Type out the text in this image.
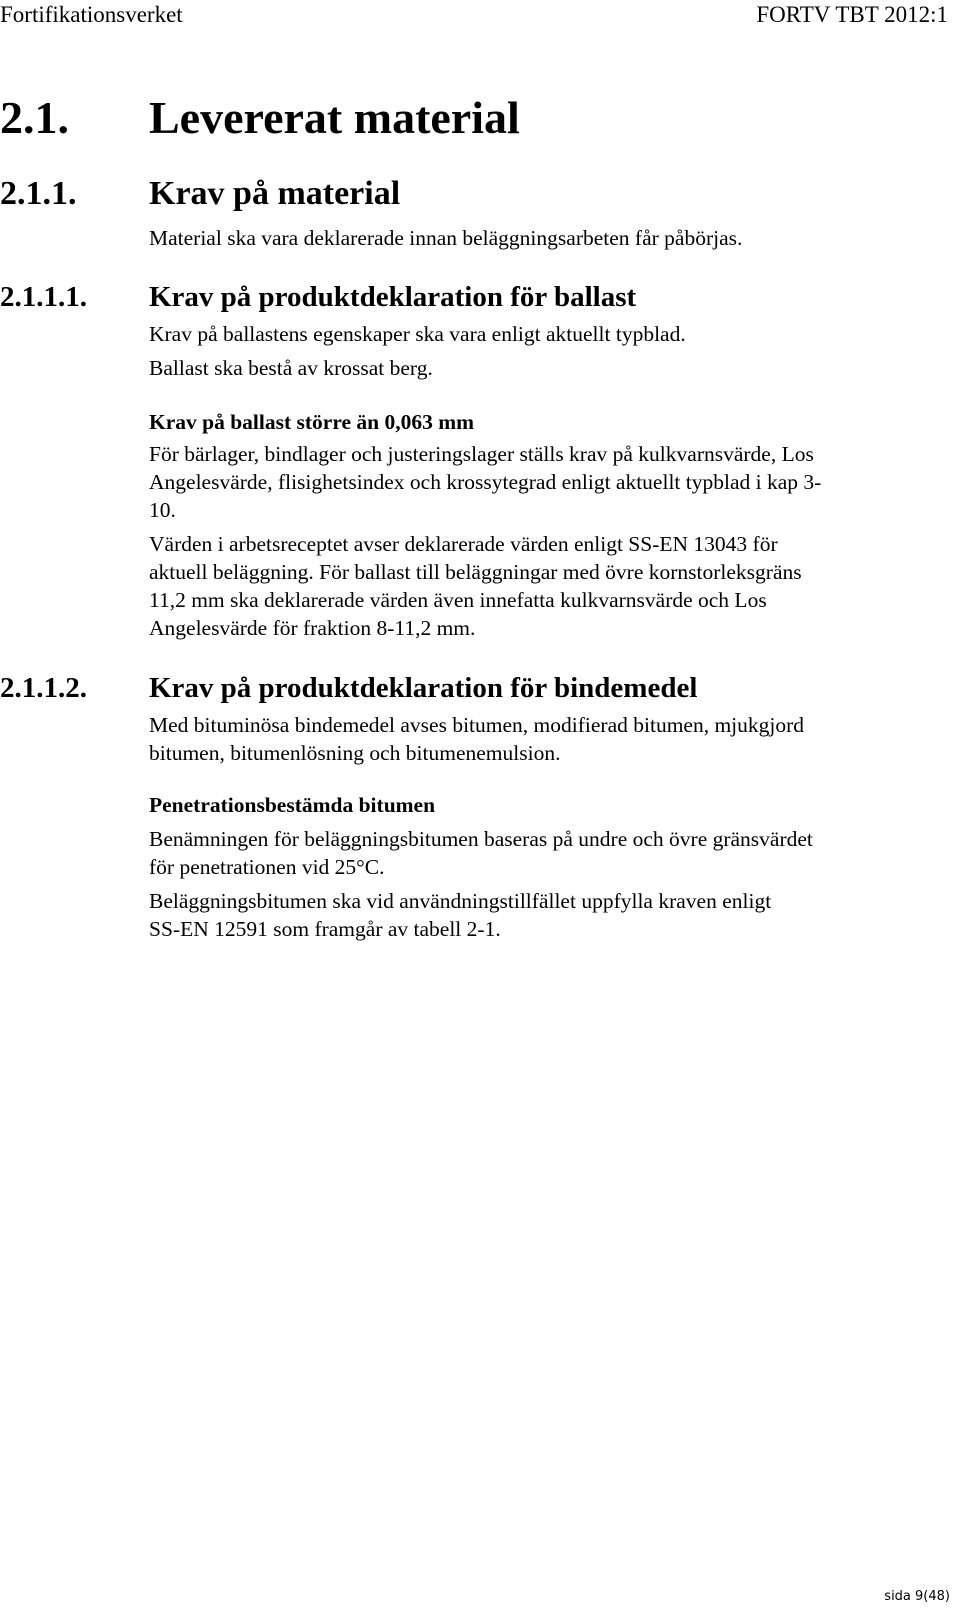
Fortifikationsverket	FORTV TBT 2012:1
2.1. Levererat material
2.1.1. Krav på material
Material ska vara deklarerade innan beläggningsarbeten får påbörjas.
2.1.1.1. Krav på produktdeklaration för ballast
Krav på ballastens egenskaper ska vara enligt aktuellt typblad.
Ballast ska bestå av krossat berg.
Krav på ballast större än 0,063 mm
För bärlager, bindlager och justeringslager ställs krav på kulkvarnsvärde, Los
Angelesvärde, flisighetsindex och krossytegrad enligt aktuellt typblad i kap 3-
10.
Värden i arbetsreceptet avser deklarerade värden enligt SS-EN 13043 för
aktuell beläggning. För ballast till beläggningar med övre kornstorleksgräns
11,2 mm ska deklarerade värden även innefatta kulkvarnsvärde och Los
Angelesvärde för fraktion 8-11,2 mm.
2.1.1.2. Krav på produktdeklaration för bindemedel
Med bituminösa bindemedel avses bitumen, modifierad bitumen, mjukgjord
bitumen, bitumenlösning och bitumenemulsion.
Penetrationsbestämda bitumen
Benämningen för beläggningsbitumen baseras på undre och övre gränsvärdet
för penetrationen vid 25°C.
Beläggningsbitumen ska vid användningstillfället uppfylla kraven enligt
SS-EN 12591 som framgår av tabell 2-1.
sida 9(48)
